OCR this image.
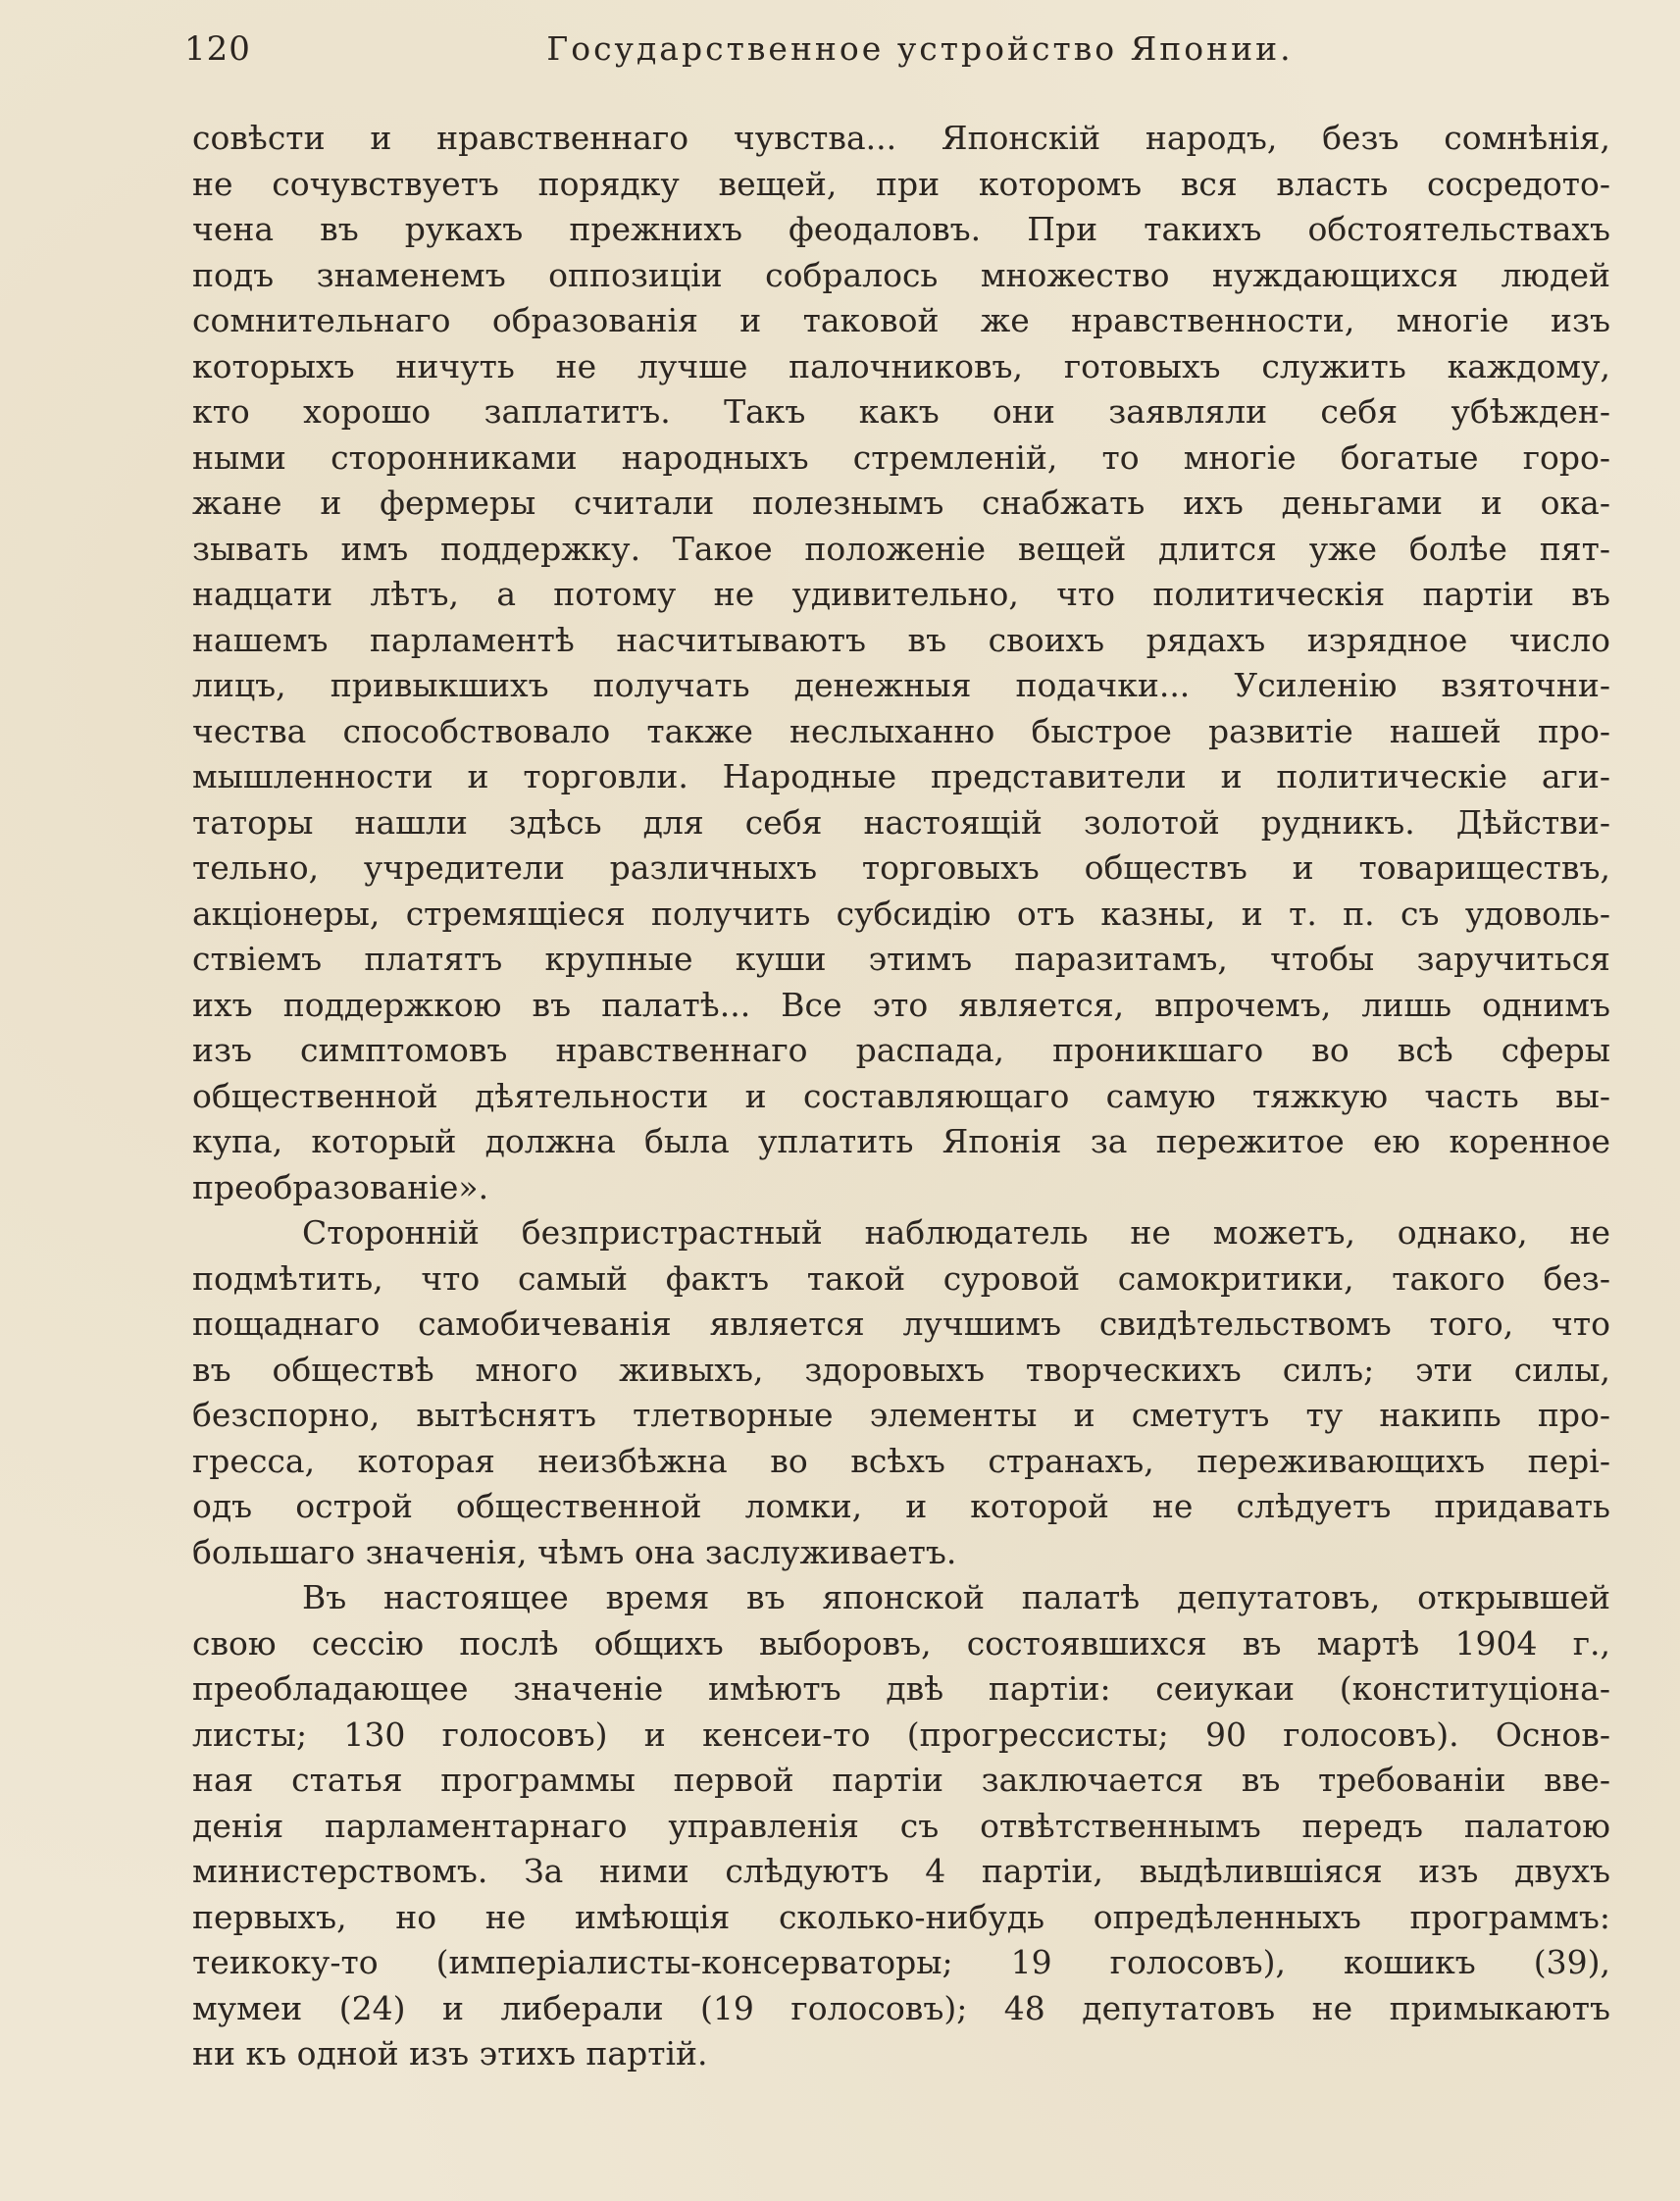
120	Государственное устройство Японии.
совѣсти и нравственнаго чувства... Японскій народъ, безъ сомнѣнія,
не сочувствуетъ порядку вещей, при которомъ вся власть сосредото-
чена въ рукахъ прежнихъ феодаловъ. При такихъ обстоятельствахъ
подъ знаменемъ оппозиціи собралось множество нуждающихся людей
сомнительнаго образованія и таковой же нравственности, многіе изъ
которыхъ ничуть не лучше палочниковъ, готовыхъ служить каждому,
кто хорошо заплатитъ. Такъ какъ они заявляли себя убѣжден-
ными сторонниками народныхъ стремленій, то многіе богатые горо-
жане и фермеры считали полезнымъ снабжать ихъ деньгами и ока-
зывать имъ поддержку. Такое положеніе вещей длится уже болѣе пят-
надцати лѣтъ, а потому не удивительно, что политическія партіи въ
нашемъ парламентѣ насчитываютъ въ своихъ рядахъ изрядное число
лицъ, привыкшихъ получать денежныя подачки... Усиленію взяточни-
чества способствовало также неслыханно быстрое развитіе нашей про-
мышленности и торговли. Народные представители и политическіе аги-
таторы нашли здѣсь для себя настоящій золотой рудникъ. Дѣйстви-
тельно, учредители различныхъ торговыхъ обществъ и товариществъ,
акціонеры, стремящіеся получить субсидію отъ казны, и т. п. съ удоволь-
ствіемъ платятъ крупные куши этимъ паразитамъ, чтобы заручиться
ихъ поддержкою въ палатѣ... Все это является, впрочемъ, лишь однимъ
изъ симптомовъ нравственнаго распада, проникшаго во всѣ сферы
общественной дѣятельности и составляющаго самую тяжкую часть вы-
купа, который должна была уплатить Японія за пережитое ею коренное
преобразованіе».
Сторонній безпристрастный наблюдатель не можетъ, однако, не
подмѣтить, что самый фактъ такой суровой самокритики, такого без-
пощаднаго самобичеванія является лучшимъ свидѣтельствомъ того, что
въ обществѣ много живыхъ, здоровыхъ творческихъ силъ; эти силы,
безспорно, вытѣснятъ тлетворные элементы и сметутъ ту накипь про-
гресса, которая неизбѣжна во всѣхъ странахъ, переживающихъ пері-
одъ острой общественной ломки, и которой не слѣдуетъ придавать
большаго значенія, чѣмъ она заслуживаетъ.
Въ настоящее время въ японской палатѣ депутатовъ, открывшей
свою сессію послѣ общихъ выборовъ, состоявшихся въ мартѣ 1904 г.,
преобладающее значеніе имѣютъ двѣ партіи: сеиукаи (конституціона-
листы; 130 голосовъ) и кенсеи-то (прогрессисты; 90 голосовъ). Основ-
ная статья программы первой партіи заключается въ требованіи вве-
денія парламентарнаго управленія съ отвѣтственнымъ передъ палатою
министерствомъ. За ними слѣдуютъ 4 партіи, выдѣлившіяся изъ двухъ
первыхъ, но не имѣющія сколько-нибудь опредѣленныхъ программъ:
теикоку-то (имперіалисты-консерваторы; 19 голосовъ), кошикъ (39),
мумеи (24) и либерали (19 голосовъ); 48 депутатовъ не примыкаютъ
ни къ одной изъ этихъ партій.
